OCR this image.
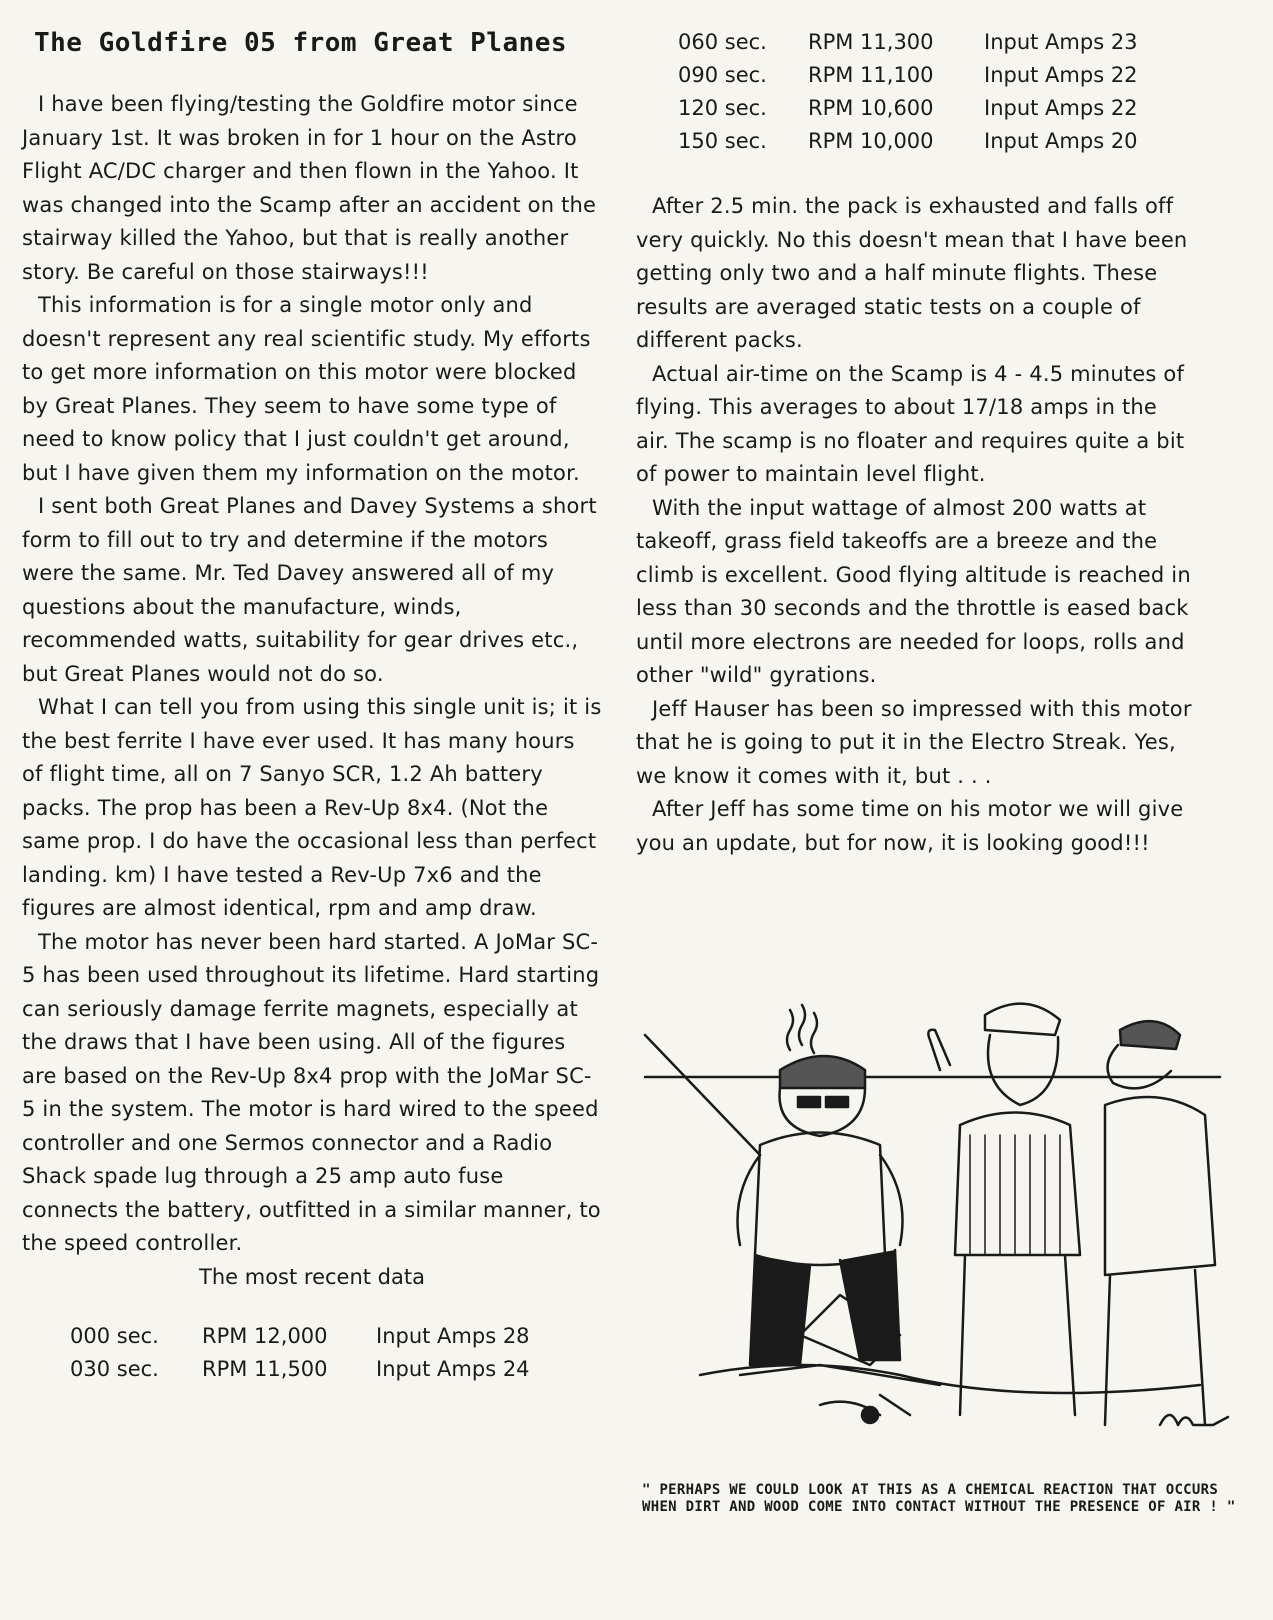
The Goldfire 05 from Great Planes

I have been flying/testing the Goldfire motor since January 1st. It was broken in for 1 hour on the Astro Flight AC/DC charger and then flown in the Yahoo. It was changed into the Scamp after an accident on the stairway killed the Yahoo, but that is really another story. Be careful on those stairways!!!

This information is for a single motor only and doesn't represent any real scientific study. My efforts to get more information on this motor were blocked by Great Planes. They seem to have some type of need to know policy that I just couldn't get around, but I have given them my information on the motor.

I sent both Great Planes and Davey Systems a short form to fill out to try and determine if the motors were the same. Mr. Ted Davey answered all of my questions about the manufacture, winds, recommended watts, suitability for gear drives etc., but Great Planes would not do so.

What I can tell you from using this single unit is; it is the best ferrite I have ever used. It has many hours of flight time, all on 7 Sanyo SCR, 1.2 Ah battery packs. The prop has been a Rev-Up 8x4. (Not the same prop. I do have the occasional less than perfect landing. km) I have tested a Rev-Up 7x6 and the figures are almost identical, rpm and amp draw.

The motor has never been hard started. A JoMar SC-5 has been used throughout its lifetime. Hard starting can seriously damage ferrite magnets, especially at the draws that I have been using. All of the figures are based on the Rev-Up 8x4 prop with the JoMar SC-5 in the system. The motor is hard wired to the speed controller and one Sermos connector and a Radio Shack spade lug through a 25 amp auto fuse connects the battery, outfitted in a similar manner, to the speed controller.

The most recent data

000 sec.	RPM 12,000	Input Amps 28
030 sec.	RPM 11,500	Input Amps 24
060 sec.	RPM 11,300	Input Amps 23
090 sec.	RPM 11,100	Input Amps 22
120 sec.	RPM 10,600	Input Amps 22
150 sec.	RPM 10,000	Input Amps 20

After 2.5 min. the pack is exhausted and falls off very quickly. No this doesn't mean that I have been getting only two and a half minute flights. These results are averaged static tests on a couple of different packs.

Actual air-time on the Scamp is 4 - 4.5 minutes of flying. This averages to about 17/18 amps in the air. The scamp is no floater and requires quite a bit of power to maintain level flight.

With the input wattage of almost 200 watts at takeoff, grass field takeoffs are a breeze and the climb is excellent. Good flying altitude is reached in less than 30 seconds and the throttle is eased back until more electrons are needed for loops, rolls and other "wild" gyrations.

Jeff Hauser has been so impressed with this motor that he is going to put it in the Electro Streak. Yes, we know it comes with it, but . . .

After Jeff has some time on his motor we will give you an update, but for now, it is looking good!!!

" PERHAPS WE COULD LOOK AT THIS AS A CHEMICAL REACTION THAT OCCURS WHEN DIRT AND WOOD COME INTO CONTACT WITHOUT THE PRESENCE OF AIR ! "
